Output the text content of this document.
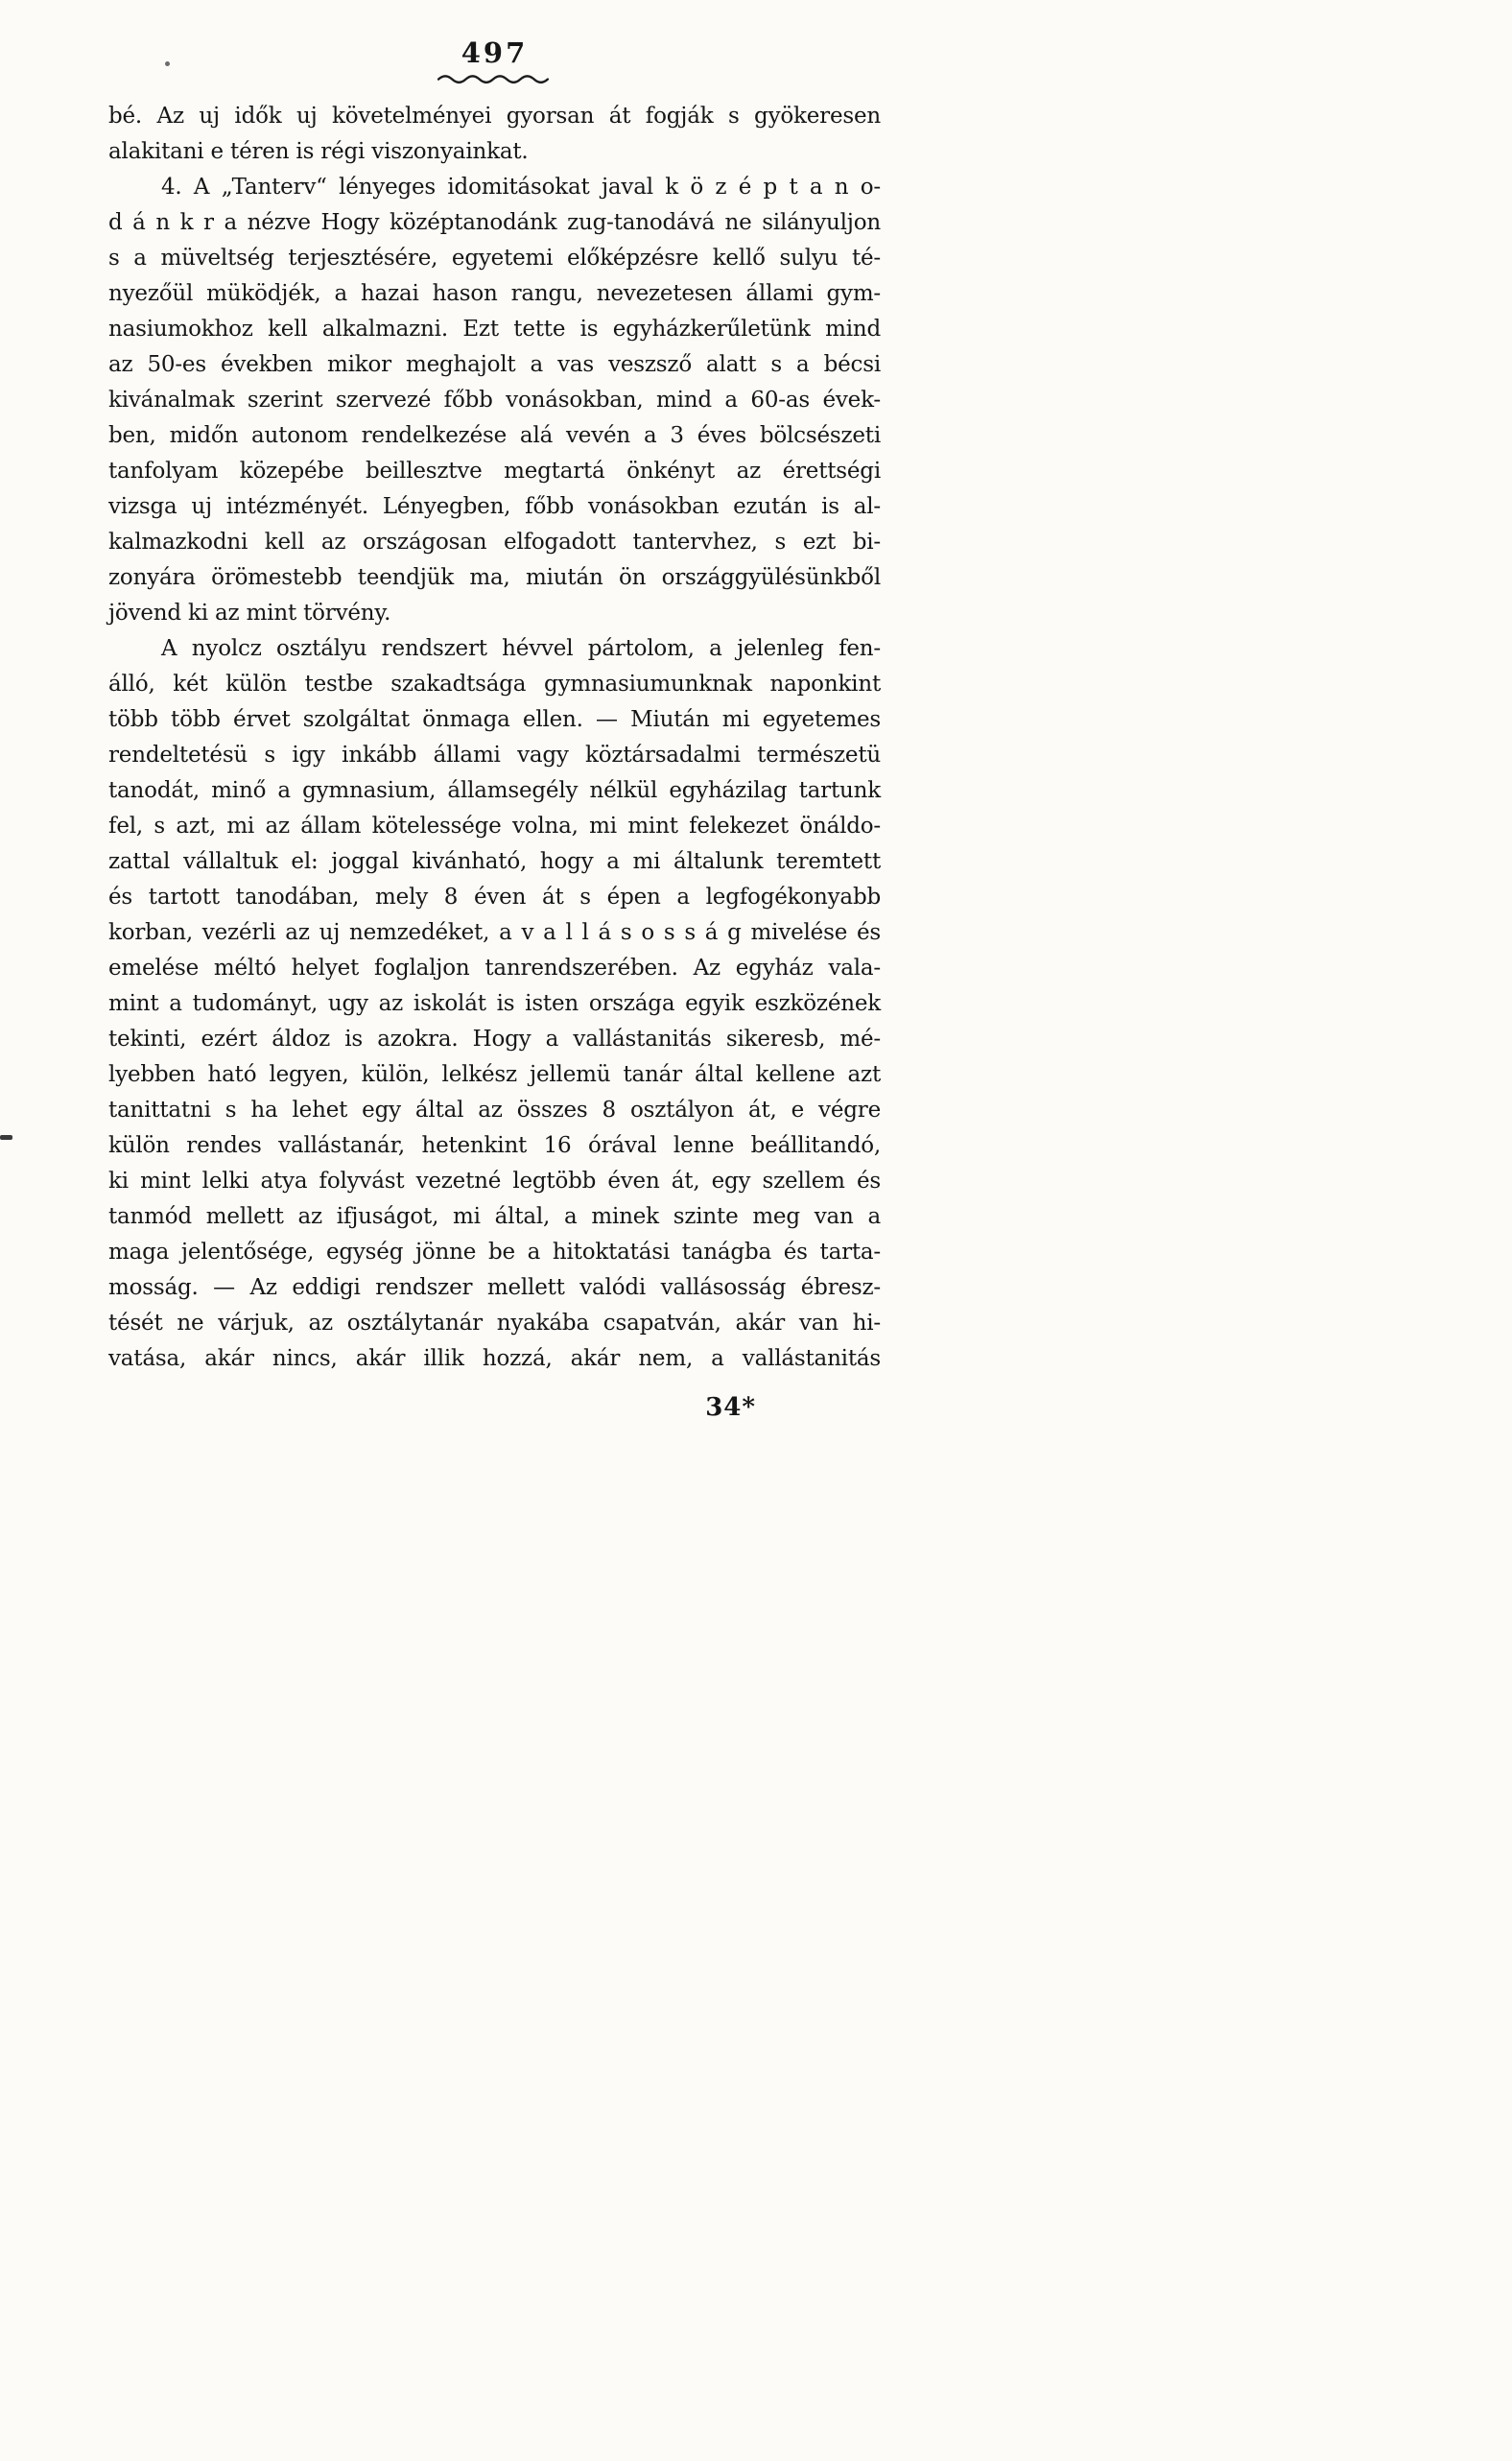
497
bé. Az uj idők uj követelményei gyorsan át fogják s gyökeresen
alakitani e téren is régi viszonyainkat.
4. A „Tanterv“ lényeges idomitásokat javal k ö z é p t a n o-
d á n k r a nézve Hogy középtanodánk zug-tanodává ne silányuljon
s a müveltség terjesztésére, egyetemi előképzésre kellő sulyu té-
nyezőül müködjék, a hazai hason rangu, nevezetesen állami gym-
nasiumokhoz kell alkalmazni. Ezt tette is egyházkerűletünk mind
az 50-es években mikor meghajolt a vas veszsző alatt s a bécsi
kivánalmak szerint szervezé főbb vonásokban, mind a 60-as évek-
ben, midőn autonom rendelkezése alá vevén a 3 éves bölcsészeti
tanfolyam közepébe beillesztve megtartá önkényt az érettségi
vizsga uj intézményét. Lényegben, főbb vonásokban ezután is al-
kalmazkodni kell az országosan elfogadott tantervhez, s ezt bi-
zonyára örömestebb teendjük ma, miután ön országgyülésünkből
jövend ki az mint törvény.
A nyolcz osztályu rendszert hévvel pártolom, a jelenleg fen-
álló, két külön testbe szakadtsága gymnasiumunknak naponkint
több több érvet szolgáltat önmaga ellen. — Miután mi egyetemes
rendeltetésü s igy inkább állami vagy köztársadalmi természetü
tanodát, minő a gymnasium, államsegély nélkül egyházilag tartunk
fel, s azt, mi az állam kötelessége volna, mi mint felekezet önáldo-
zattal vállaltuk el: joggal kivánható, hogy a mi általunk teremtett
és tartott tanodában, mely 8 éven át s épen a legfogékonyabb
korban, vezérli az uj nemzedéket, a v a l l á s o s s á g mivelése és
emelése méltó helyet foglaljon tanrendszerében. Az egyház vala-
mint a tudományt, ugy az iskolát is isten országa egyik eszközének
tekinti, ezért áldoz is azokra. Hogy a vallástanitás sikeresb, mé-
lyebben ható legyen, külön, lelkész jellemü tanár által kellene azt
tanittatni s ha lehet egy által az összes 8 osztályon át, e végre
külön rendes vallástanár, hetenkint 16 órával lenne beállitandó,
ki mint lelki atya folyvást vezetné legtöbb éven át, egy szellem és
tanmód mellett az ifjuságot, mi által, a minek szinte meg van a
maga jelentősége, egység jönne be a hitoktatási tanágba és tarta-
mosság. — Az eddigi rendszer mellett valódi vallásosság ébresz-
tését ne várjuk, az osztálytanár nyakába csapatván, akár van hi-
vatása, akár nincs, akár illik hozzá, akár nem, a vallástanitás
34*
